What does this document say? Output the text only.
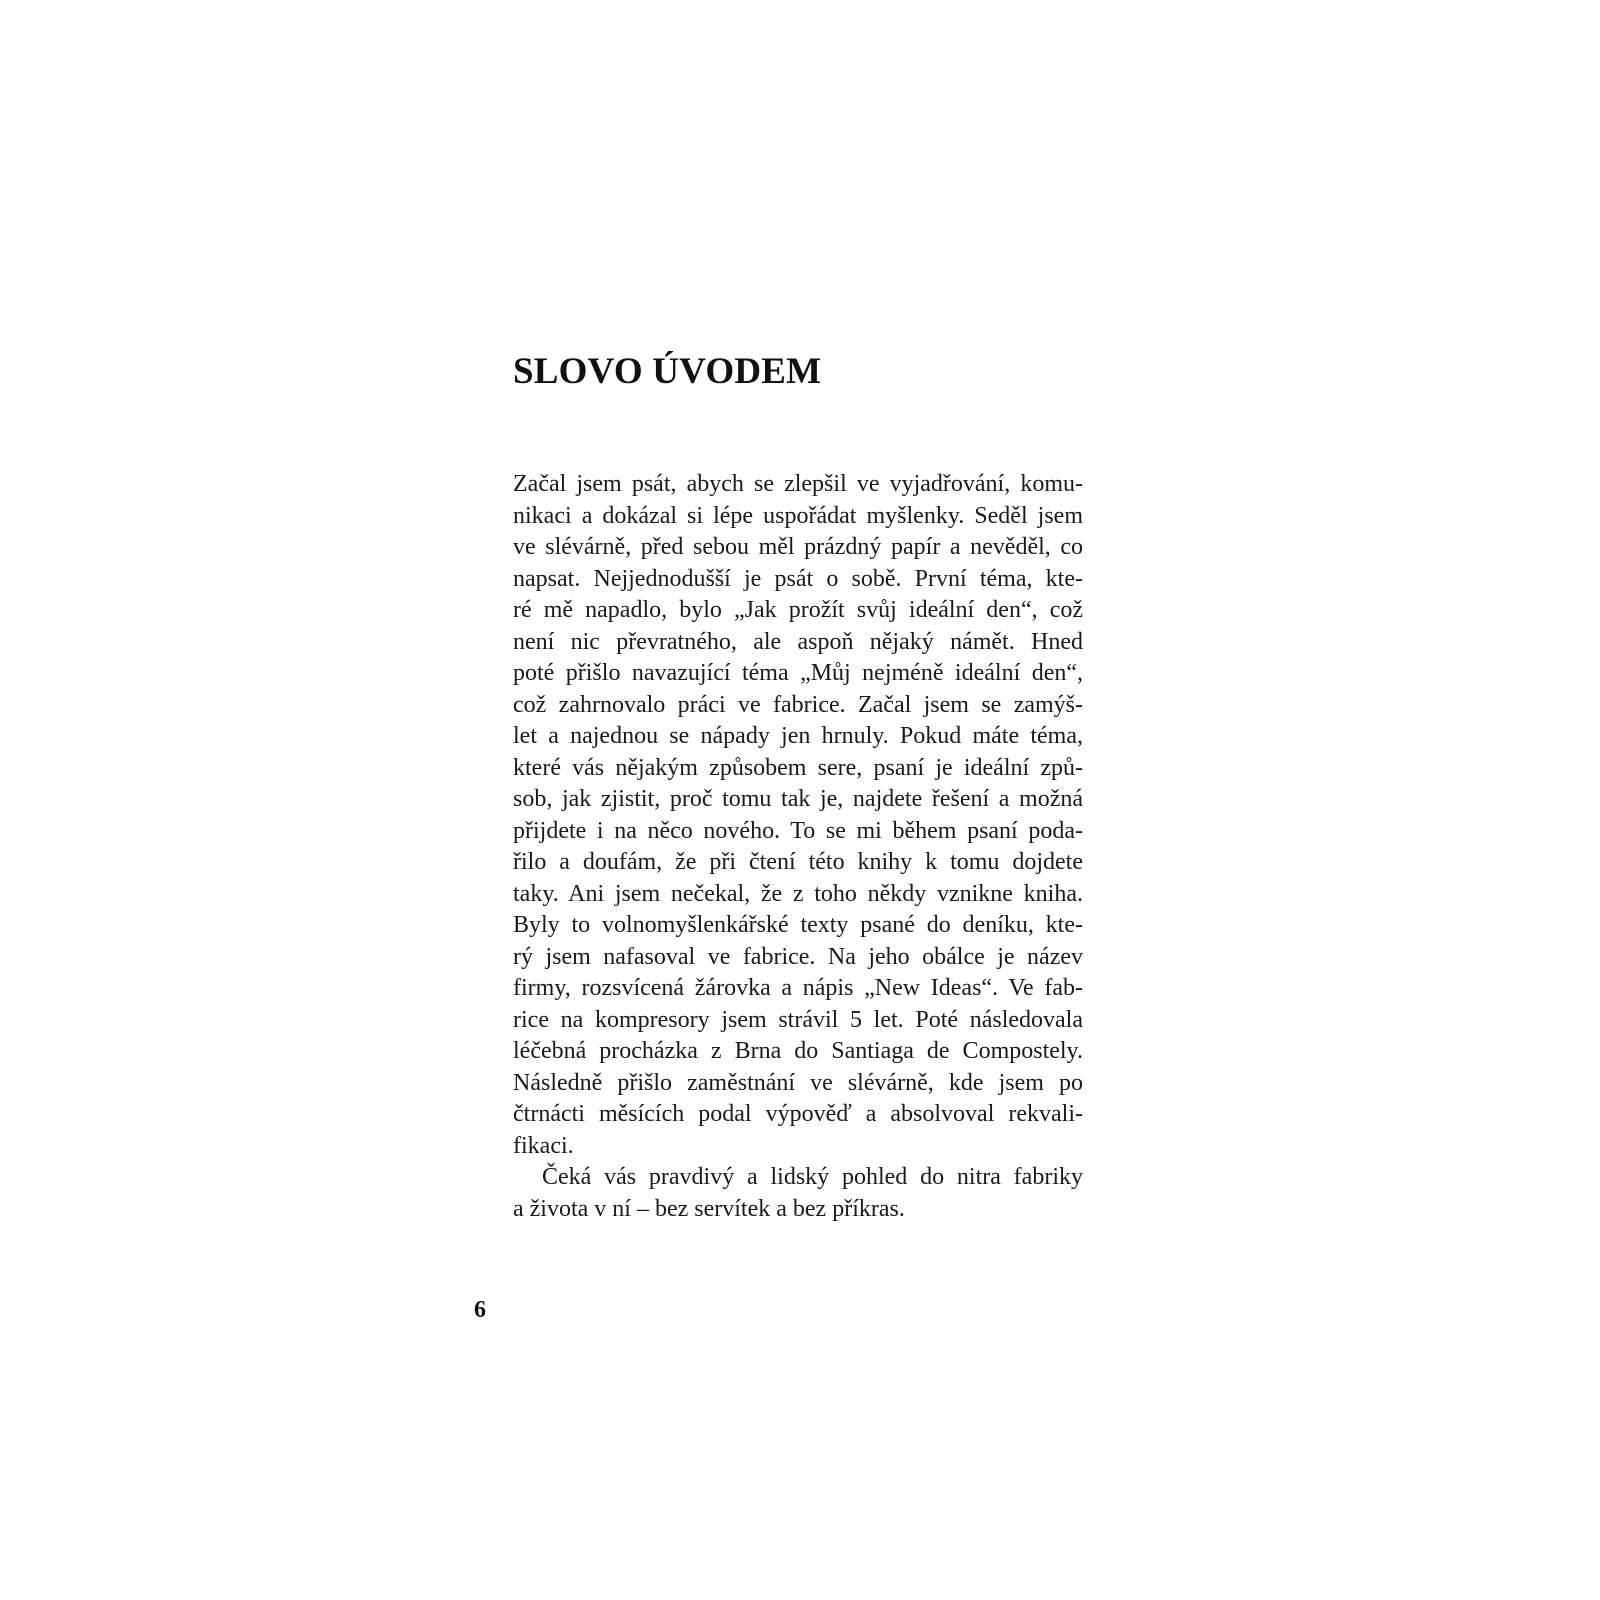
SLOVO ÚVODEM
Začal jsem psát, abych se zlepšil ve vyjadřování, komu-
nikaci a dokázal si lépe uspořádat myšlenky. Seděl jsem
ve slévárně, před sebou měl prázdný papír a nevěděl, co
napsat. Nejjednodušší je psát o sobě. První téma, kte-
ré mě napadlo, bylo „Jak prožít svůj ideální den“, což
není nic převratného, ale aspoň nějaký námět. Hned
poté přišlo navazující téma „Můj nejméně ideální den“,
což zahrnovalo práci ve fabrice. Začal jsem se zamýš-
let a najednou se nápady jen hrnuly. Pokud máte téma,
které vás nějakým způsobem sere, psaní je ideální způ-
sob, jak zjistit, proč tomu tak je, najdete řešení a možná
přijdete i na něco nového. To se mi během psaní poda-
řilo a doufám, že při čtení této knihy k tomu dojdete
taky. Ani jsem nečekal, že z toho někdy vznikne kniha.
Byly to volnomyšlenkářské texty psané do deníku, kte-
rý jsem nafasoval ve fabrice. Na jeho obálce je název
firmy, rozsvícená žárovka a nápis „New Ideas“. Ve fab-
rice na kompresory jsem strávil 5 let. Poté následovala
léčebná procházka z Brna do Santiaga de Compostely.
Následně přišlo zaměstnání ve slévárně, kde jsem po
čtrnácti měsících podal výpověď a absolvoval rekvali-
fikaci.
Čeká vás pravdivý a lidský pohled do nitra fabriky
a života v ní – bez servítek a bez příkras.
6
